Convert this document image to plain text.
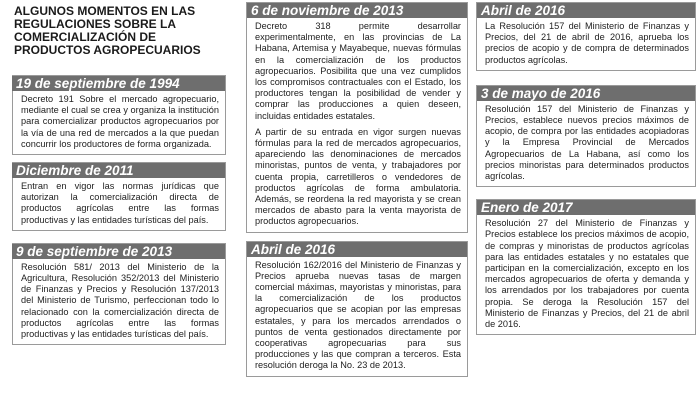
ALGUNOS MOMENTOS EN LAS REGULACIONES SOBRE LA COMERCIALIZACIÓN DE PRODUCTOS AGROPECUARIOS
19 de septiembre de 1994

Decreto 191 Sobre el mercado agropecuario, mediante el cual se crea y organiza la institución para comercializar productos agropecuarios por la vía de una red de mercados a la que puedan concurrir los productores de forma organizada.

Diciembre de 2011

Entran en vigor las normas jurídicas que autorizan la comercialización directa de productos agrícolas entre las formas productivas y las entidades turísticas del país.

9 de septiembre de 2013

Resolución 581/ 2013 del Ministerio de la Agricultura, Resolución 352/2013 del Ministerio de Finanzas y Precios y Resolución 137/2013 del Ministerio de Turismo, perfeccionan todo lo relacionado con la comercialización directa de productos agrícolas entre las formas productivas y las entidades turísticas del país.

6 de noviembre de 2013

Decreto 318 permite desarrollar experimentalmente, en las provincias de La Habana, Artemisa y Mayabeque, nuevas fórmulas en la comercialización de los productos agropecuarios. Posibilita que una vez cumplidos los compromisos contractuales con el Estado, los productores tengan la posibilidad de vender y comprar las producciones a quien deseen, incluidas entidades estatales.

A partir de su entrada en vigor surgen nuevas fórmulas para la red de mercados agropecuarios, apareciendo las denominaciones de mercados minoristas, puntos de venta, y trabajadores por cuenta propia, carretilleros o vendedores de productos agrícolas de forma ambulatoria. Además, se reordena la red mayorista y se crean mercados de abasto para la venta mayorista de productos agropecuarios.

Abril de 2016

Resolución 162/2016 del Ministerio de Finanzas y Precios aprueba nuevas tasas de margen comercial máximas, mayoristas y minoristas, para la comercialización de los productos agropecuarios que se acopian por las empresas estatales, y para los mercados arrendados o puntos de venta gestionados directamente por cooperativas agropecuarias para sus producciones y las que compran a terceros. Esta resolución deroga la No. 23 de 2013.

Abril de 2016

La Resolución 157 del Ministerio de Finanzas y Precios, del 21 de abril de 2016, aprueba los precios de acopio y de compra de determinados productos agrícolas.

3 de mayo de 2016

Resolución 157 del Ministerio de Finanzas y Precios, establece nuevos precios máximos de acopio, de compra por las entidades acopiadoras y la Empresa Provincial de Mercados Agropecuarios de La Habana, así como los precios minoristas para determinados productos agrícolas.

Enero de 2017

Resolución 27 del Ministerio de Finanzas y Precios establece los precios máximos de acopio, de compras y minoristas de productos agrícolas para las entidades estatales y no estatales que participan en la comercialización, excepto en los mercados agropecuarios de oferta y demanda y los arrendados por los trabajadores por cuenta propia. Se deroga la Resolución 157 del Ministerio de Finanzas y Precios, del 21 de abril de 2016.
